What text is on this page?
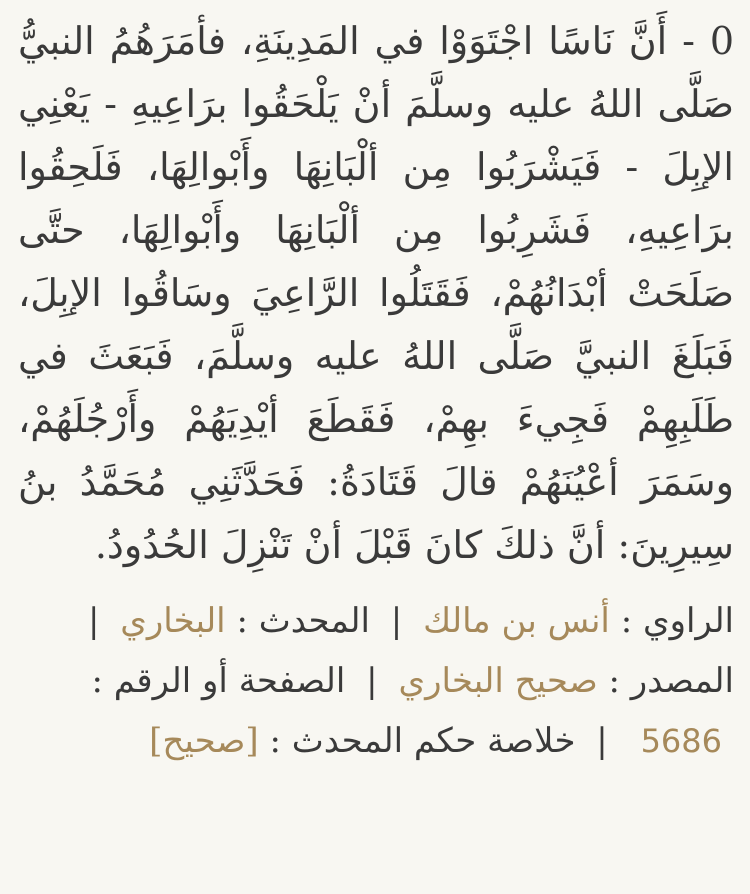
0 - أَنَّ نَاسًا اجْتَوَوْا في المَدِينَةِ، فأمَرَهُمُ النبيُّ صَلَّى اللهُ عليه وسلَّمَ أنْ يَلْحَقُوا برَاعِيهِ - يَعْنِي الإبِلَ - فَيَشْرَبُوا مِن ألْبَانِهَا وأَبْوالِهَا، فَلَحِقُوا برَاعِيهِ، فَشَرِبُوا مِن ألْبَانِهَا وأَبْوالِهَا، حتَّى صَلَحَتْ أبْدَانُهُمْ، فَقَتَلُوا الرَّاعِيَ وسَاقُوا الإبِلَ، فَبَلَغَ النبيَّ صَلَّى اللهُ عليه وسلَّمَ، فَبَعَثَ في طَلَبِهِمْ فَجِيءَ بهِمْ، فَقَطَعَ أيْدِيَهُمْ وأَرْجُلَهُمْ، وسَمَرَ أعْيُنَهُمْ قالَ قَتَادَةُ: فَحَدَّثَنِي مُحَمَّدُ بنُ سِيرِينَ: أنَّ ذلكَ كانَ قَبْلَ أنْ تَنْزِلَ الحُدُودُ.

الراوي : أنس بن مالك | المحدث : البخاري |
المصدر : صحيح البخاري | الصفحة أو الرقم :
5686 | خلاصة حكم المحدث : [صحيح]
